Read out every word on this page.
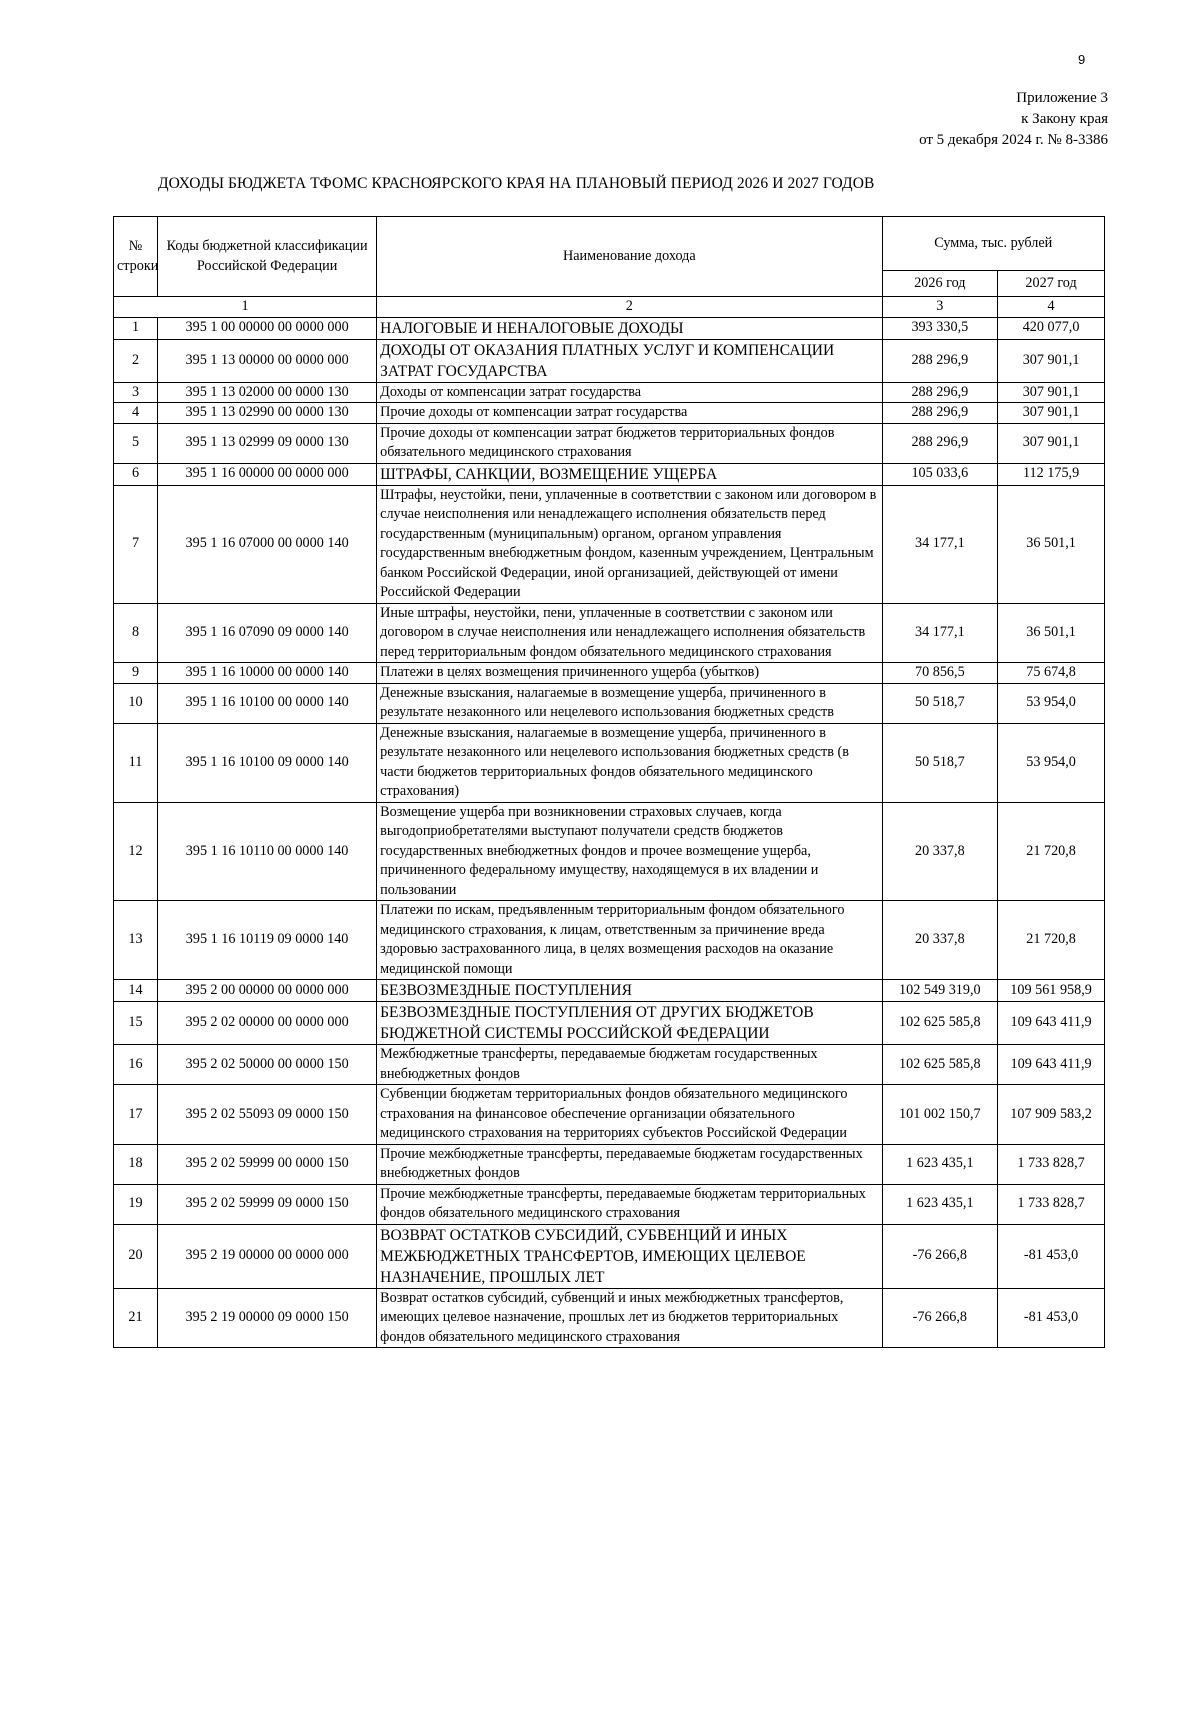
9
Приложение 3
к Закону края
от 5 декабря 2024 г. № 8-3386
ДОХОДЫ БЮДЖЕТА ТФОМС КРАСНОЯРСКОГО КРАЯ НА ПЛАНОВЫЙ ПЕРИОД 2026 И 2027 ГОДОВ
№ строки	Коды бюджетной классификации Российской Федерации	Наименование дохода	Сумма, тыс. рублей	
			2026 год	2027 год
1		2	3	4
1	395 1 00 00000 00 0000 000	НАЛОГОВЫЕ И НЕНАЛОГОВЫЕ ДОХОДЫ	393 330,5	420 077,0
2	395 1 13 00000 00 0000 000	ДОХОДЫ ОТ ОКАЗАНИЯ ПЛАТНЫХ УСЛУГ И КОМПЕНСАЦИИ ЗАТРАТ ГОСУДАРСТВА	288 296,9	307 901,1
3	395 1 13 02000 00 0000 130	Доходы от компенсации затрат государства	288 296,9	307 901,1
4	395 1 13 02990 00 0000 130	Прочие доходы от компенсации затрат государства	288 296,9	307 901,1
5	395 1 13 02999 09 0000 130	Прочие доходы от компенсации затрат бюджетов территориальных фондов обязательного медицинского страхования	288 296,9	307 901,1
6	395 1 16 00000 00 0000 000	ШТРАФЫ, САНКЦИИ, ВОЗМЕЩЕНИЕ УЩЕРБА	105 033,6	112 175,9
7	395 1 16 07000 00 0000 140	Штрафы, неустойки, пени, уплаченные в соответствии с законом или договором в случае неисполнения или ненадлежащего исполнения обязательств перед государственным (муниципальным) органом, органом управления государственным внебюджетным фондом, казенным учреждением, Центральным банком Российской Федерации, иной организацией, действующей от имени Российской Федерации	34 177,1	36 501,1
8	395 1 16 07090 09 0000 140	Иные штрафы, неустойки, пени, уплаченные в соответствии с законом или договором в случае неисполнения или ненадлежащего исполнения обязательств перед территориальным фондом обязательного медицинского страхования	34 177,1	36 501,1
9	395 1 16 10000 00 0000 140	Платежи в целях возмещения причиненного ущерба (убытков)	70 856,5	75 674,8
10	395 1 16 10100 00 0000 140	Денежные взыскания, налагаемые в возмещение ущерба, причиненного в результате незаконного или нецелевого использования бюджетных средств	50 518,7	53 954,0
11	395 1 16 10100 09 0000 140	Денежные взыскания, налагаемые в возмещение ущерба, причиненного в результате незаконного или нецелевого использования бюджетных средств (в части бюджетов территориальных фондов обязательного медицинского страхования)	50 518,7	53 954,0
12	395 1 16 10110 00 0000 140	Возмещение ущерба при возникновении страховых случаев, когда выгодоприобретателями выступают получатели средств бюджетов государственных внебюджетных фондов и прочее возмещение ущерба, причиненного федеральному имуществу, находящемуся в их владении и пользовании	20 337,8	21 720,8
13	395 1 16 10119 09 0000 140	Платежи по искам, предъявленным территориальным фондом обязательного медицинского страхования, к лицам, ответственным за причинение вреда здоровью застрахованного лица, в целях возмещения расходов на оказание медицинской помощи	20 337,8	21 720,8
14	395 2 00 00000 00 0000 000	БЕЗВОЗМЕЗДНЫЕ ПОСТУПЛЕНИЯ	102 549 319,0	109 561 958,9
15	395 2 02 00000 00 0000 000	БЕЗВОЗМЕЗДНЫЕ ПОСТУПЛЕНИЯ ОТ ДРУГИХ БЮДЖЕТОВ БЮДЖЕТНОЙ СИСТЕМЫ РОССИЙСКОЙ ФЕДЕРАЦИИ	102 625 585,8	109 643 411,9
16	395 2 02 50000 00 0000 150	Межбюджетные трансферты, передаваемые бюджетам государственных внебюджетных фондов	102 625 585,8	109 643 411,9
17	395 2 02 55093 09 0000 150	Субвенции бюджетам территориальных фондов обязательного медицинского страхования на финансовое обеспечение организации обязательного медицинского страхования на территориях субъектов Российской Федерации	101 002 150,7	107 909 583,2
18	395 2 02 59999 00 0000 150	Прочие межбюджетные трансферты, передаваемые бюджетам государственных внебюджетных фондов	1 623 435,1	1 733 828,7
19	395 2 02 59999 09 0000 150	Прочие межбюджетные трансферты, передаваемые бюджетам территориальных фондов обязательного медицинского страхования	1 623 435,1	1 733 828,7
20	395 2 19 00000 00 0000 000	ВОЗВРАТ ОСТАТКОВ СУБСИДИЙ, СУБВЕНЦИЙ И ИНЫХ МЕЖБЮДЖЕТНЫХ ТРАНСФЕРТОВ, ИМЕЮЩИХ ЦЕЛЕВОЕ НАЗНАЧЕНИЕ, ПРОШЛЫХ ЛЕТ	-76 266,8	-81 453,0
21	395 2 19 00000 09 0000 150	Возврат остатков субсидий, субвенций и иных межбюджетных трансфертов, имеющих целевое назначение, прошлых лет из бюджетов территориальных фондов обязательного медицинского страхования	-76 266,8	-81 453,0
